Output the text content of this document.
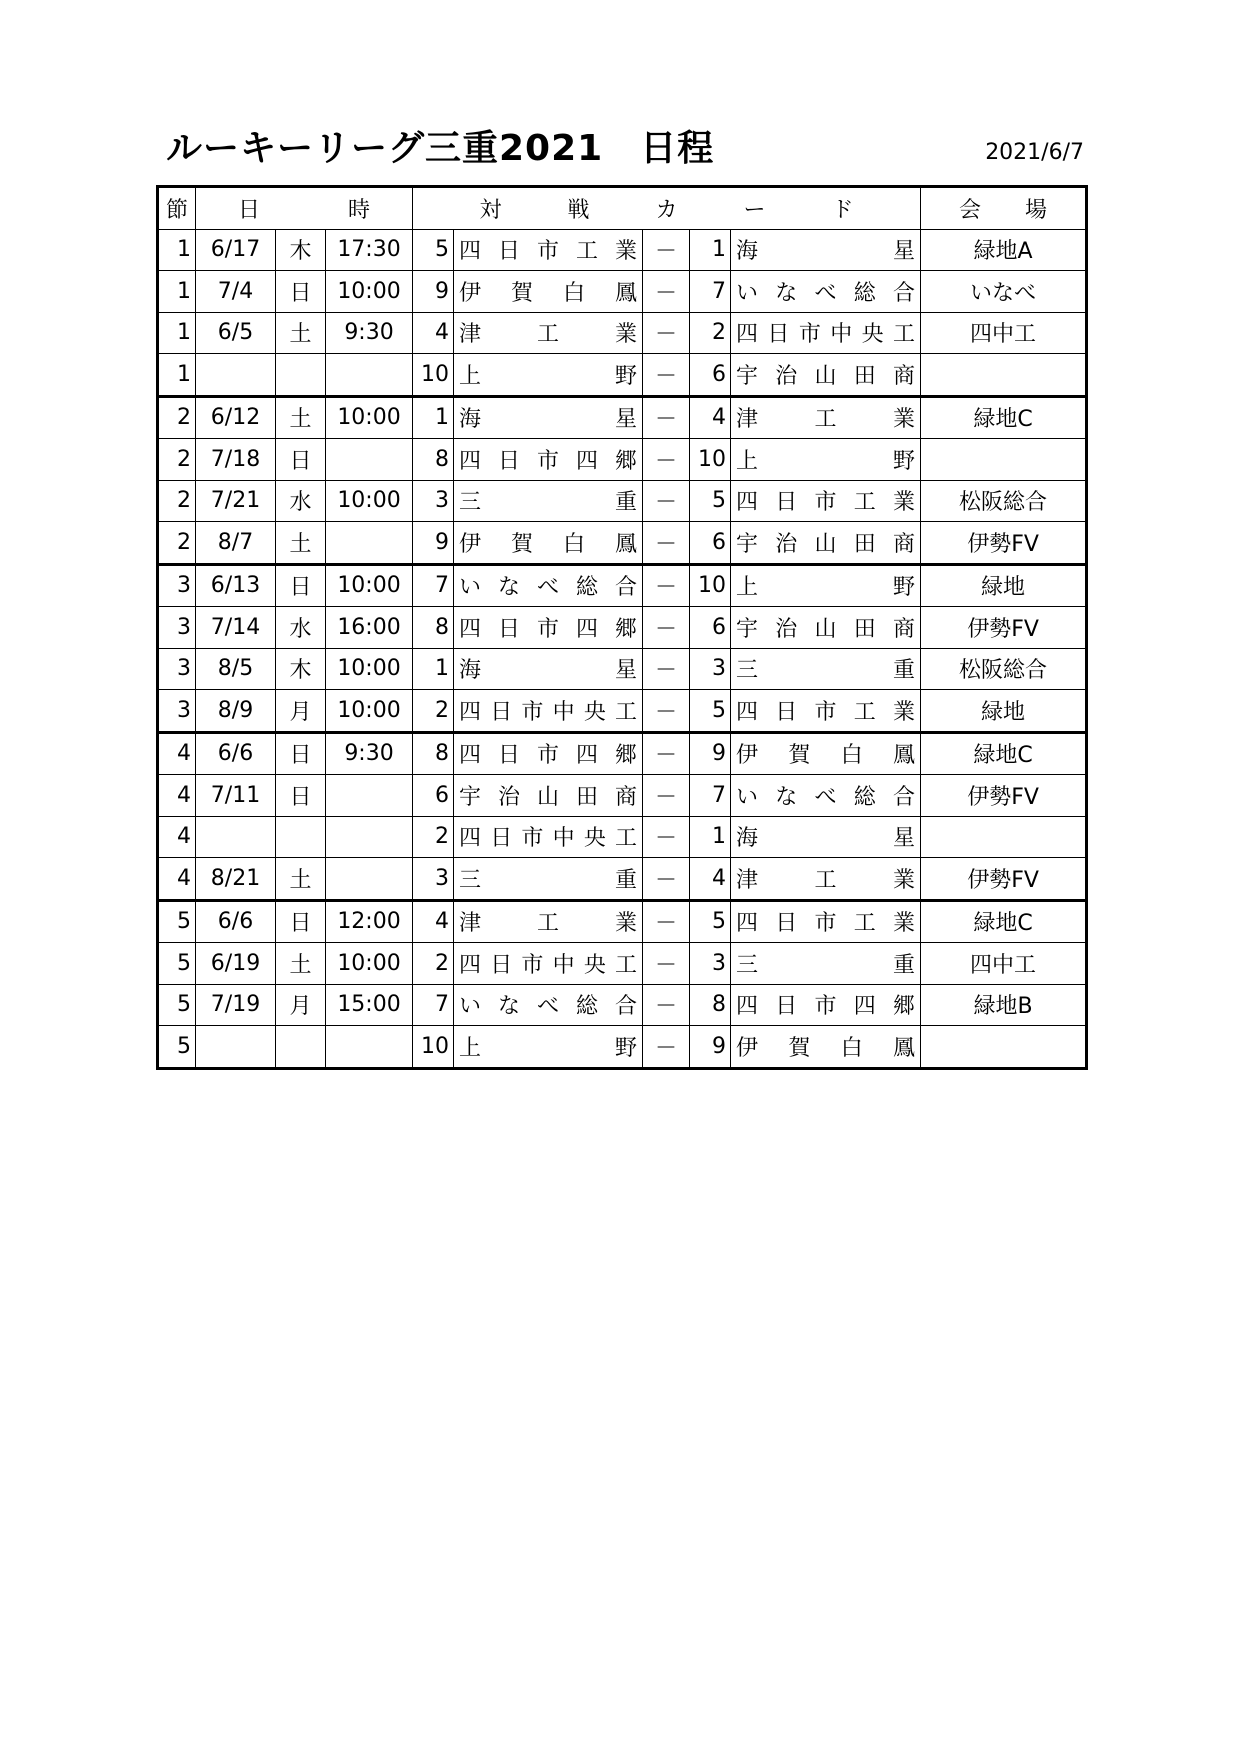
ルーキーリーグ三重2021　日程	2021/6/7
節	日　　　　時			対　　　戦　　　カ　　　ー　　　ド					会　　場
1	6/17	木	17:30	5	四 日 市 工 業	－	1	海 星	緑地A
1	7/4	日	10:00	9	伊 賀 白 鳳	－	7	い な べ 総 合	いなべ
1	6/5	土	9:30	4	津 工 業	－	2	四 日 市 中 央 工	四中工
1				10	上 野	－	6	宇 治 山 田 商	
2	6/12	土	10:00	1	海 星	－	4	津 工 業	緑地C
2	7/18	日		8	四 日 市 四 郷	－	10	上 野	
2	7/21	水	10:00	3	三 重	－	5	四 日 市 工 業	松阪総合
2	8/7	土		9	伊 賀 白 鳳	－	6	宇 治 山 田 商	伊勢FV
3	6/13	日	10:00	7	い な べ 総 合	－	10	上 野	緑地
3	7/14	水	16:00	8	四 日 市 四 郷	－	6	宇 治 山 田 商	伊勢FV
3	8/5	木	10:00	1	海 星	－	3	三 重	松阪総合
3	8/9	月	10:00	2	四 日 市 中 央 工	－	5	四 日 市 工 業	緑地
4	6/6	日	9:30	8	四 日 市 四 郷	－	9	伊 賀 白 鳳	緑地C
4	7/11	日		6	宇 治 山 田 商	－	7	い な べ 総 合	伊勢FV
4				2	四 日 市 中 央 工	－	1	海 星	
4	8/21	土		3	三 重	－	4	津 工 業	伊勢FV
5	6/6	日	12:00	4	津 工 業	－	5	四 日 市 工 業	緑地C
5	6/19	土	10:00	2	四 日 市 中 央 工	－	3	三 重	四中工
5	7/19	月	15:00	7	い な べ 総 合	－	8	四 日 市 四 郷	緑地B
5				10	上 野	－	9	伊 賀 白 鳳	
